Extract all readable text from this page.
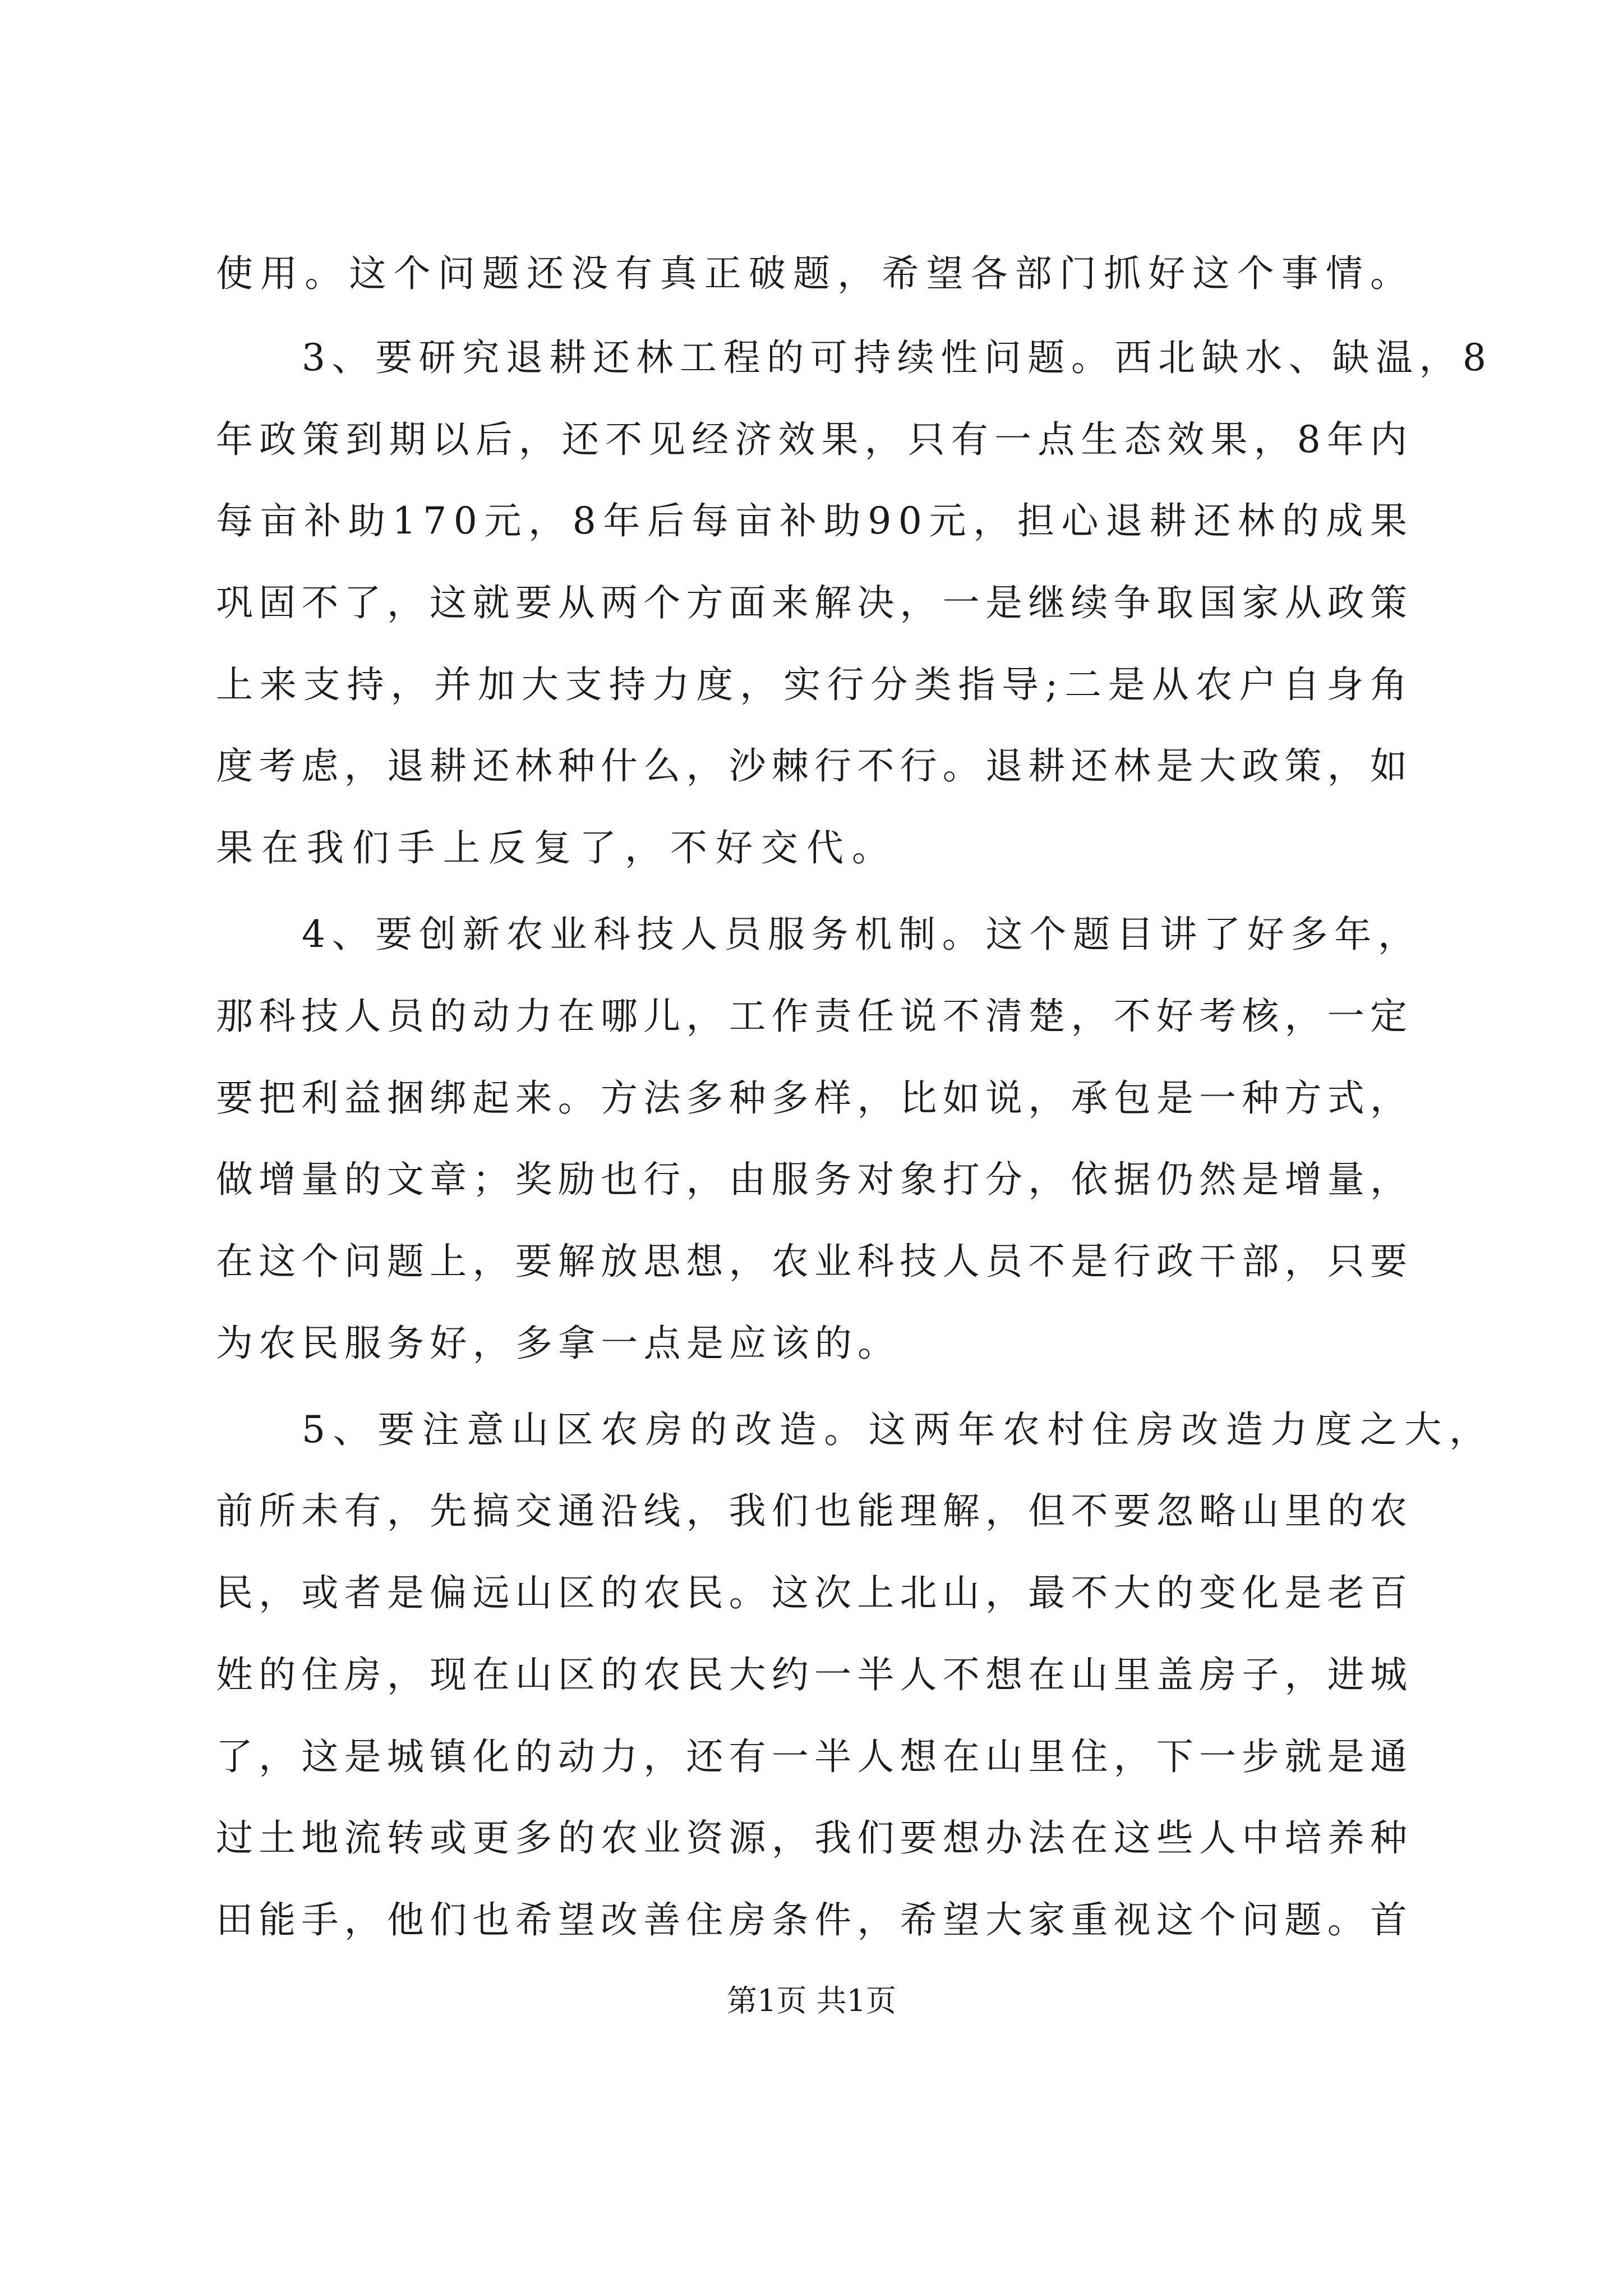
使用。这个问题还没有真正破题，希望各部门抓好这个事情。
3、要研究退耕还林工程的可持续性问题。西北缺水、缺温，8
年政策到期以后，还不见经济效果，只有一点生态效果，8年内
每亩补助170元，8年后每亩补助90元，担心退耕还林的成果
巩固不了，这就要从两个方面来解决，一是继续争取国家从政策
上来支持，并加大支持力度，实行分类指导;二是从农户自身角
度考虑，退耕还林种什么，沙棘行不行。退耕还林是大政策，如
果在我们手上反复了，不好交代。
4、要创新农业科技人员服务机制。这个题目讲了好多年，
那科技人员的动力在哪儿，工作责任说不清楚，不好考核，一定
要把利益捆绑起来。方法多种多样，比如说，承包是一种方式，
做增量的文章；奖励也行，由服务对象打分，依据仍然是增量，
在这个问题上，要解放思想，农业科技人员不是行政干部，只要
为农民服务好，多拿一点是应该的。
5、要注意山区农房的改造。这两年农村住房改造力度之大，
前所未有，先搞交通沿线，我们也能理解，但不要忽略山里的农
民，或者是偏远山区的农民。这次上北山，最不大的变化是老百
姓的住房，现在山区的农民大约一半人不想在山里盖房子，进城
了，这是城镇化的动力，还有一半人想在山里住，下一步就是通
过土地流转或更多的农业资源，我们要想办法在这些人中培养种
田能手，他们也希望改善住房条件，希望大家重视这个问题。首
第1页 共1页
